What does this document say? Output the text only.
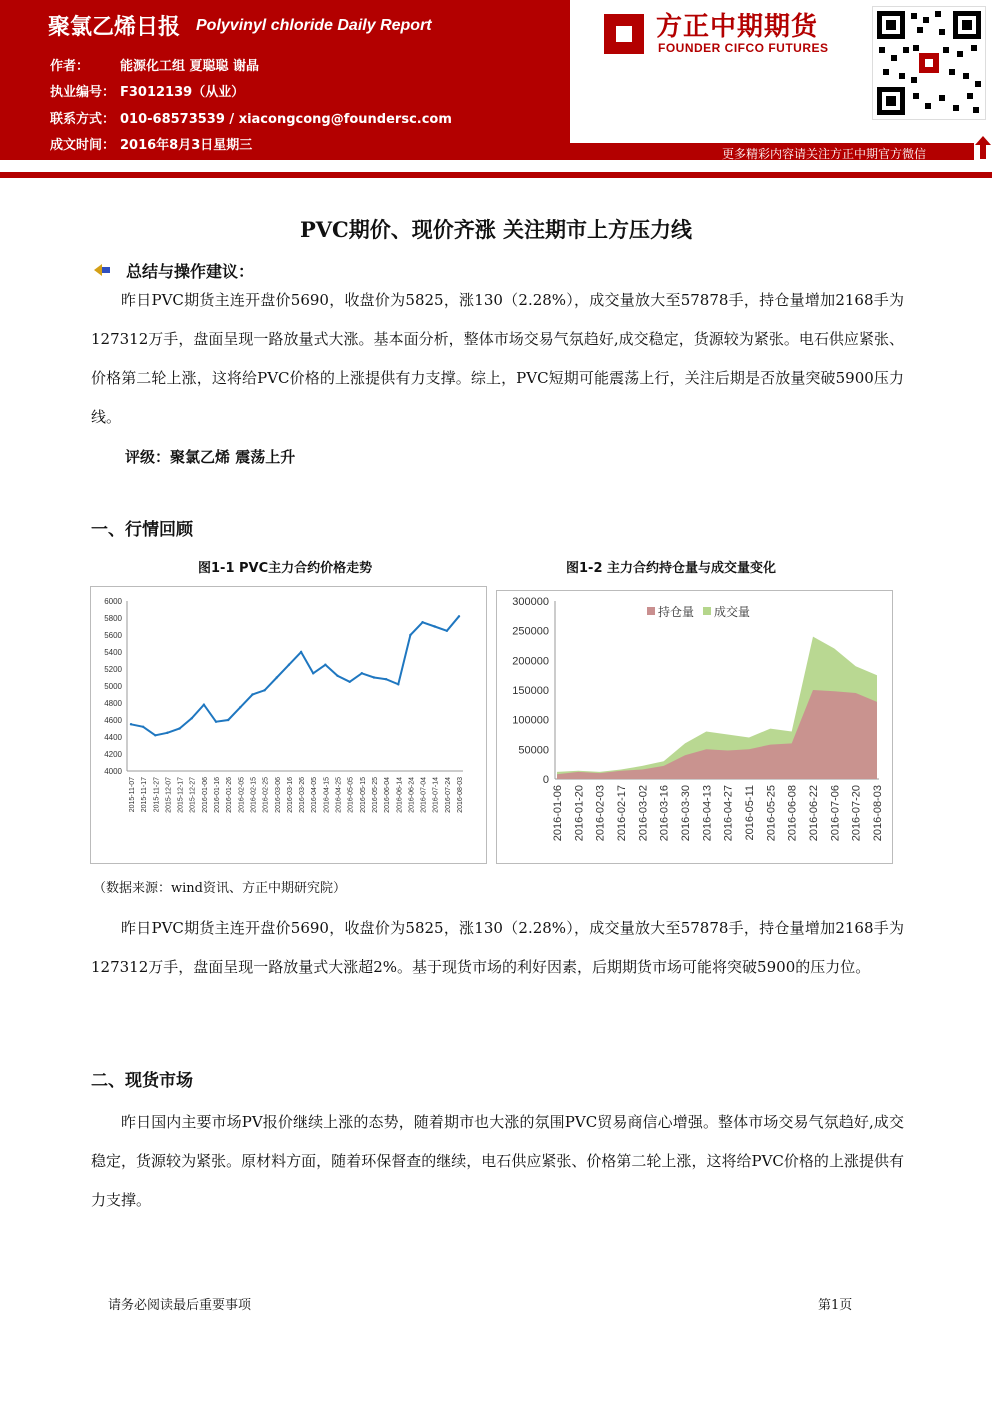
聚氯乙烯日报 Polyvinyl chloride Daily Report
作者： 能源化工组 夏聪聪 谢晶
执业编号： F3012139（从业）
联系方式： 010-68573539 / xiacongcong@foundersc.com
成文时间： 2016年8月3日星期三
方正中期期货
FOUNDER CIFCO FUTURES
更多精彩内容请关注方正中期官方微信
PVC期价、现价齐涨 关注期市上方压力线
总结与操作建议：
昨日PVC期货主连开盘价5690，收盘价为5825，涨130（2.28%），成交量放大至57878手，持仓量增加2168手为127312万手，盘面呈现一路放量式大涨。基本面分析，整体市场交易气氛趋好,成交稳定，货源较为紧张。电石供应紧张、价格第二轮上涨，这将给PVC价格的上涨提供有力支撑。综上，PVC短期可能震荡上行，关注后期是否放量突破5900压力线。
评级：聚氯乙烯 震荡上升
一、行情回顾
图1-1 PVC主力合约价格走势	图1-2 主力合约持仓量与成交量变化
4000
4200
4400
4600
4800
5000
5200
5400
5600
5800
6000
2015-11-07 2015-11-17 2015-11-27 2015-12-07 2015-12-17 2015-12-27 2016-01-06 2016-01-16 2016-01-26 2016-02-05 2016-02-15 2016-02-25 2016-03-06 2016-03-16 2016-03-26 2016-04-05 2016-04-15 2016-04-25 2016-05-05 2016-05-15 2016-05-25 2016-06-04 2016-06-14 2016-06-24 2016-07-04 2016-07-14 2016-07-24 2016-08-03	0
50000
100000
150000
200000
250000
300000
2016-01-06 2016-01-20 2016-02-03 2016-02-17 2016-03-02 2016-03-16 2016-03-30 2016-04-13 2016-04-27 2016-05-11 2016-05-25 2016-06-08 2016-06-22 2016-07-06 2016-07-20 2016-08-03
持仓量 成交量
（数据来源：wind资讯、方正中期研究院）
昨日PVC期货主连开盘价5690，收盘价为5825，涨130（2.28%），成交量放大至57878手，持仓量增加2168手为127312万手，盘面呈现一路放量式大涨超2%。基于现货市场的利好因素，后期期货市场可能将突破5900的压力位。
二、现货市场
昨日国内主要市场PV报价继续上涨的态势，随着期市也大涨的氛围PVC贸易商信心增强。整体市场交易气氛趋好,成交稳定，货源较为紧张。原材料方面，随着环保督查的继续，电石供应紧张、价格第二轮上涨，这将给PVC价格的上涨提供有力支撑。
请务必阅读最后重要事项	第1页
